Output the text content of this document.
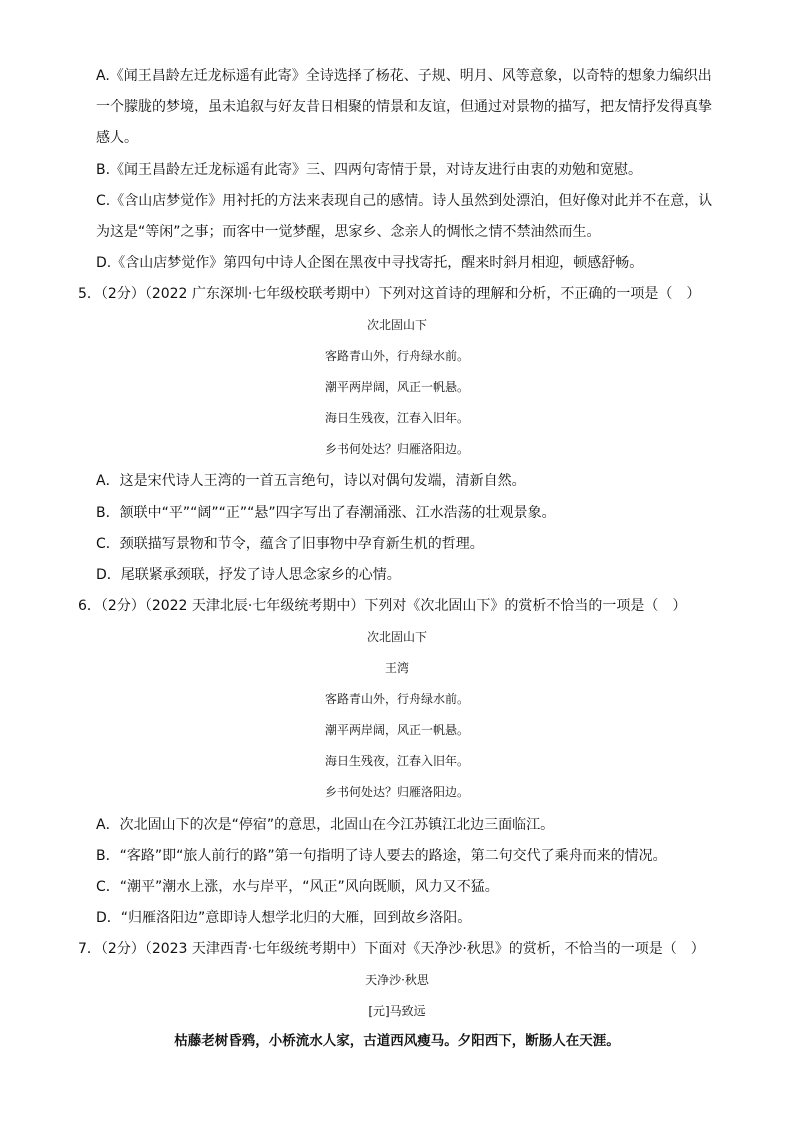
A.《闻王昌龄左迁龙标遥有此寄》全诗选择了杨花、子规、明月、风等意象，以奇特的想象力编织出
一个朦胧的梦境，虽未追叙与好友昔日相聚的情景和友谊，但通过对景物的描写，把友情抒发得真挚
感人。
B.《闻王昌龄左迁龙标遥有此寄》三、四两句寄情于景，对诗友进行由衷的劝勉和宽慰。
C.《含山店梦觉作》用衬托的方法来表现自己的感情。诗人虽然到处漂泊，但好像对此并不在意，认
为这是“等闲”之事；而客中一觉梦醒，思家乡、念亲人的惆怅之情不禁油然而生。
D.《含山店梦觉作》第四句中诗人企图在黑夜中寻找寄托，醒来时斜月相迎，顿感舒畅。
5．（2分）（2022 广东深圳·七年级校联考期中）下列对这首诗的理解和分析，不正确的一项是（　）
次北固山下
客路青山外，行舟绿水前。
潮平两岸阔，风正一帆悬。
海日生残夜，江春入旧年。
乡书何处达？归雁洛阳边。
A．这是宋代诗人王湾的一首五言绝句，诗以对偶句发端，清新自然。
B．颔联中“平”“阔”“正”“悬”四字写出了春潮涌涨、江水浩荡的壮观景象。
C．颈联描写景物和节令，蕴含了旧事物中孕育新生机的哲理。
D．尾联紧承颈联，抒发了诗人思念家乡的心情。
6．（2分）（2022 天津北辰·七年级统考期中）下列对《次北固山下》的赏析不恰当的一项是（　）
次北固山下
王湾
客路青山外，行舟绿水前。
潮平两岸阔，风正一帆悬。
海日生残夜，江春入旧年。
乡书何处达？归雁洛阳边。
A．次北固山下的次是“停宿”的意思，北固山在今江苏镇江北边三面临江。
B．“客路”即“旅人前行的路”第一句指明了诗人要去的路途，第二句交代了乘舟而来的情况。
C．“潮平”潮水上涨，水与岸平，“风正”风向既顺，风力又不猛。
D．“归雁洛阳边”意即诗人想学北归的大雁，回到故乡洛阳。
7．（2分）（2023 天津西青·七年级统考期中）下面对《天净沙·秋思》的赏析，不恰当的一项是（　）
天净沙·秋思
[元]马致远
枯藤老树昏鸦，小桥流水人家，古道西风瘦马。夕阳西下，断肠人在天涯。
